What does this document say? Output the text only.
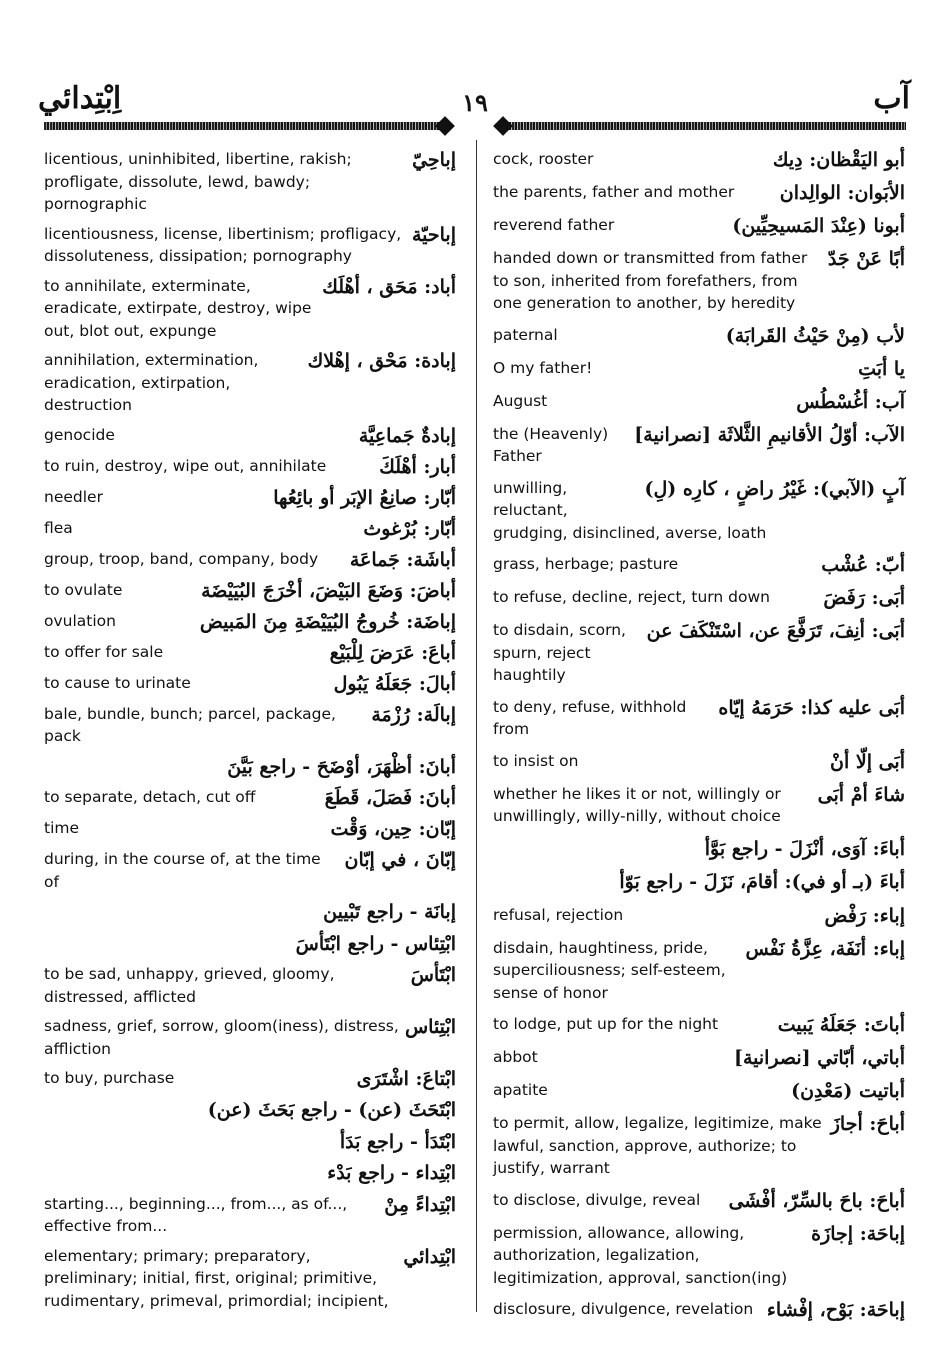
اِبْتِدائي	١٩	آب
إباحِيّ
licentious, uninhibited, libertine, rakish; profligate, dissolute, lewd, bawdy; pornographic
إباحيّة
licentiousness, license, libertinism; profligacy, dissoluteness, dissipation; pornography
أباد: مَحَق ، أهْلَك
to annihilate, exterminate, eradicate, extirpate, destroy, wipe out, blot out, expunge
إبادة: مَحْق ، إهْلاك
annihilation, extermination, eradication, extirpation, destruction
إبادةٌ جَماعِيَّة
genocide
أبار: أهْلَكَ
to ruin, destroy, wipe out, annihilate
أبّار: صانِعُ الإبَر أو بائِعُها
needler
أبّار: بُرْغوث
flea
أباشَة: جَماعَة
group, troop, band, company, body
أباضَ: وَضَعَ البَيْضَ، أخْرَجَ البُيَيْضَة
to ovulate
إباضَة: خُروجُ البُيَيْضَةِ مِنَ المَبيض
ovulation
أباعَ: عَرَضَ لِلْبَيْع
to offer for sale
أبالَ: جَعَلَهُ يَبُول
to cause to urinate
إبالَة: رُزْمَة
bale, bundle, bunch; parcel, package, pack
أبانَ: أظْهَرَ، أوْضَحَ - راجع بَيَّنَ
أبانَ: فَصَلَ، قَطَعَ
to separate, detach, cut off
إبّان: حِين، وَقْت
time
إبّانَ ، في إبّان
during, in the course of, at the time of
إبانَة - راجع تَبْيين
ابْتِئاس - راجع ابْتَأسَ
ابْتَأسَ
to be sad, unhappy, grieved, gloomy, distressed, afflicted
ابْتِئاس
sadness, grief, sorrow, gloom(iness), distress, affliction
ابْتاعَ: اشْتَرَى
to buy, purchase
ابْتَحَثَ (عن) - راجع بَحَثَ (عن)
ابْتَدَأ - راجع بَدَأ
ابْتِداء - راجع بَدْء
ابْتِداءً مِنْ
starting..., beginning..., from..., as of..., effective from...
ابْتِدائي
elementary; primary; preparatory, preliminary; initial, first, original; primitive, rudimentary, primeval, primordial; incipient,
أبو اليَقْظان: دِيك
cock, rooster
الأبَوان: الوالِدان
the parents, father and mother
أبونا (عِنْدَ المَسيحِيِّين)
reverend father
أبًا عَنْ جَدّ
handed down or transmitted from father to son, inherited from forefathers, from one generation to another, by heredity
لأب (مِنْ حَيْثُ القَرابَة)
paternal
يا أبَتِ
O my father!
آب: أغُسْطُس
August
الآب: أوّلُ الأقانيمِ الثَّلاثَة [نصرانية]
the (Heavenly) Father
آبٍ (الآبي): غَيْرُ راضٍ ، كارِه (لِ)
unwilling, reluctant, grudging, disinclined, averse, loath
أبّ: عُشْب
grass, herbage; pasture
أبَى: رَفَضَ
to refuse, decline, reject, turn down
أبَى: أنِفَ، تَرَفَّعَ عن، اسْتَنْكَفَ عن
to disdain, scorn, spurn, reject haughtily
أبَى عليه كذا: حَرَمَهُ إيّاه
to deny, refuse, withhold from
أبَى إلّا أنْ
to insist on
شاءَ أمْ أبَى
whether he likes it or not, willingly or unwillingly, willy-nilly, without choice
أباءَ: آوَى، أنْزَلَ - راجع بَوَّأ
أباءَ (بـ أو في): أقامَ، نَزَلَ - راجع بَوّأ
إباء: رَفْض
refusal, rejection
إباء: أنَفَة، عِزَّةُ نَفْس
disdain, haughtiness, pride, superciliousness; self-esteem, sense of honor
أباتَ: جَعَلَهُ يَبيت
to lodge, put up for the night
أباتي، أبّاتي [نصرانية]
abbot
أباتيت (مَعْدِن)
apatite
أباحَ: أجازَ
to permit, allow, legalize, legitimize, make lawful, sanction, approve, authorize; to justify, warrant
أباحَ: باحَ بالسِّرّ، أفْشَى
to disclose, divulge, reveal
إباحَة: إجازَة
permission, allowance, allowing, authorization, legalization, legitimization, approval, sanction(ing)
إباحَة: بَوْح، إفْشاء
disclosure, divulgence, revelation
